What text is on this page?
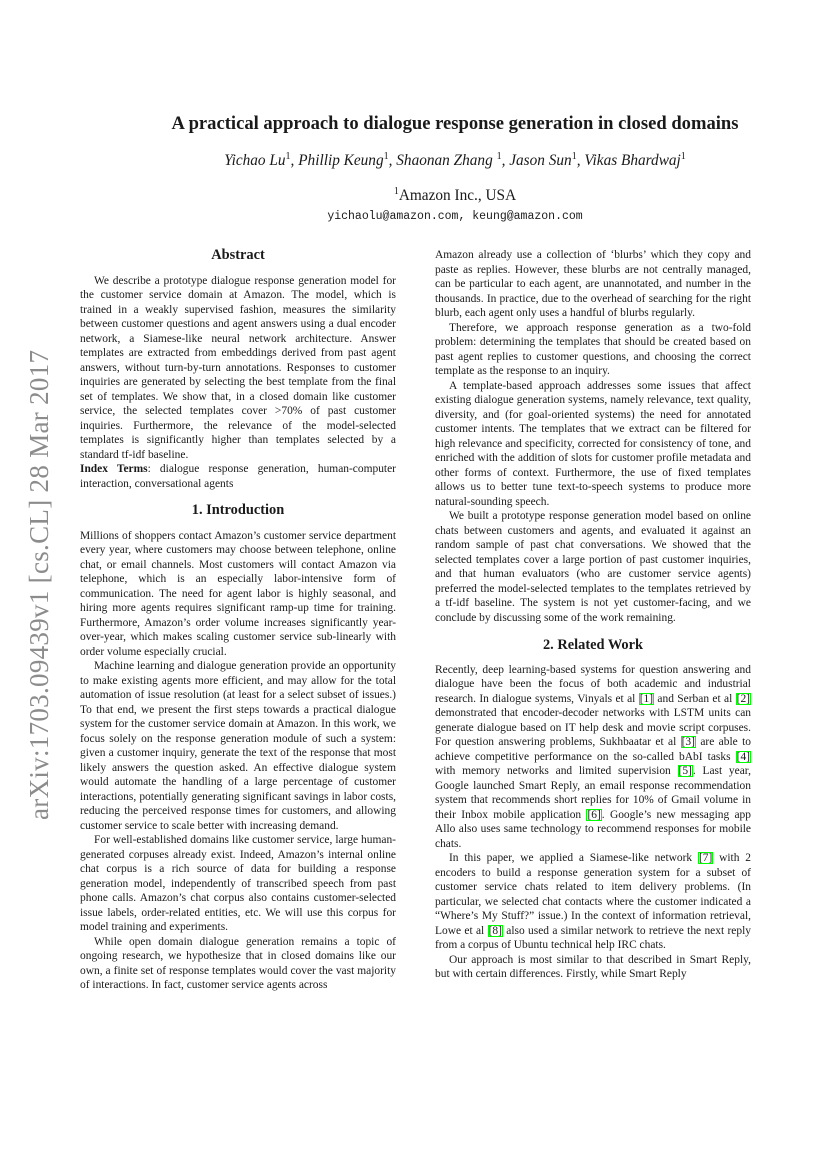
arXiv:1703.09439v1 [cs.CL] 28 Mar 2017
A practical approach to dialogue response generation in closed domains
Yichao Lu$^1$, Phillip Keung$^1$, Shaonan Zhang $^1$, Jason Sun$^1$, Vikas Bhardwaj$^1$
$^1$Amazon Inc., USA
yichaolu@amazon.com, keung@amazon.com
Abstract

We describe a prototype dialogue response generation model for the customer service domain at Amazon. The model, which is trained in a weakly supervised fashion, measures the similarity between customer questions and agent answers using a dual encoder network, a Siamese-like neural network architecture. Answer templates are extracted from embeddings derived from past agent answers, without turn-by-turn annotations. Responses to customer inquiries are generated by selecting the best template from the final set of templates. We show that, in a closed domain like customer service, the selected templates cover >70% of past customer inquiries. Furthermore, the relevance of the model-selected templates is significantly higher than templates selected by a standard tf-idf baseline.

Index Terms: dialogue response generation, human-computer interaction, conversational agents

1. Introduction

Millions of shoppers contact Amazon’s customer service department every year, where customers may choose between telephone, online chat, or email channels. Most customers will contact Amazon via telephone, which is an especially labor-intensive form of communication. The need for agent labor is highly seasonal, and hiring more agents requires significant ramp-up time for training. Furthermore, Amazon’s order volume increases significantly year-over-year, which makes scaling customer service sub-linearly with order volume especially crucial.

Machine learning and dialogue generation provide an opportunity to make existing agents more efficient, and may allow for the total automation of issue resolution (at least for a select subset of issues.) To that end, we present the first steps towards a practical dialogue system for the customer service domain at Amazon. In this work, we focus solely on the response generation module of such a system: given a customer inquiry, generate the text of the response that most likely answers the question asked. An effective dialogue system would automate the handling of a large percentage of customer interactions, potentially generating significant savings in labor costs, reducing the perceived response times for customers, and allowing customer service to scale better with increasing demand.

For well-established domains like customer service, large human-generated corpuses already exist. Indeed, Amazon’s internal online chat corpus is a rich source of data for building a response generation model, independently of transcribed speech from past phone calls. Amazon’s chat corpus also contains customer-selected issue labels, order-related entities, etc. We will use this corpus for model training and experiments.

While open domain dialogue generation remains a topic of ongoing research, we hypothesize that in closed domains like our own, a finite set of response templates would cover the vast majority of interactions. In fact, customer service agents across

Amazon already use a collection of ‘blurbs’ which they copy and paste as replies. However, these blurbs are not centrally managed, can be particular to each agent, are unannotated, and number in the thousands. In practice, due to the overhead of searching for the right blurb, each agent only uses a handful of blurbs regularly.

Therefore, we approach response generation as a two-fold problem: determining the templates that should be created based on past agent replies to customer questions, and choosing the correct template as the response to an inquiry.

A template-based approach addresses some issues that affect existing dialogue generation systems, namely relevance, text quality, diversity, and (for goal-oriented systems) the need for annotated customer intents. The templates that we extract can be filtered for high relevance and specificity, corrected for consistency of tone, and enriched with the addition of slots for customer profile metadata and other forms of context. Furthermore, the use of fixed templates allows us to better tune text-to-speech systems to produce more natural-sounding speech.

We built a prototype response generation model based on online chats between customers and agents, and evaluated it against an random sample of past chat conversations. We showed that the selected templates cover a large portion of past customer inquiries, and that human evaluators (who are customer service agents) preferred the model-selected templates to the templates retrieved by a tf-idf baseline. The system is not yet customer-facing, and we conclude by discussing some of the work remaining.

2. Related Work

Recently, deep learning-based systems for question answering and dialogue have been the focus of both academic and industrial research. In dialogue systems, Vinyals et al [1] and Serban et al [2] demonstrated that encoder-decoder networks with LSTM units can generate dialogue based on IT help desk and movie script corpuses. For question answering problems, Sukhbaatar et al [3] are able to achieve competitive performance on the so-called bAbI tasks [4] with memory networks and limited supervision [5]. Last year, Google launched Smart Reply, an email response recommendation system that recommends short replies for 10% of Gmail volume in their Inbox mobile application [6]. Google’s new messaging app Allo also uses same technology to recommend responses for mobile chats.

In this paper, we applied a Siamese-like network [7] with 2 encoders to build a response generation system for a subset of customer service chats related to item delivery problems. (In particular, we selected chat contacts where the customer indicated a “Where’s My Stuff?” issue.) In the context of information retrieval, Lowe et al [8] also used a similar network to retrieve the next reply from a corpus of Ubuntu technical help IRC chats.

Our approach is most similar to that described in Smart Reply, but with certain differences. Firstly, while Smart Reply
